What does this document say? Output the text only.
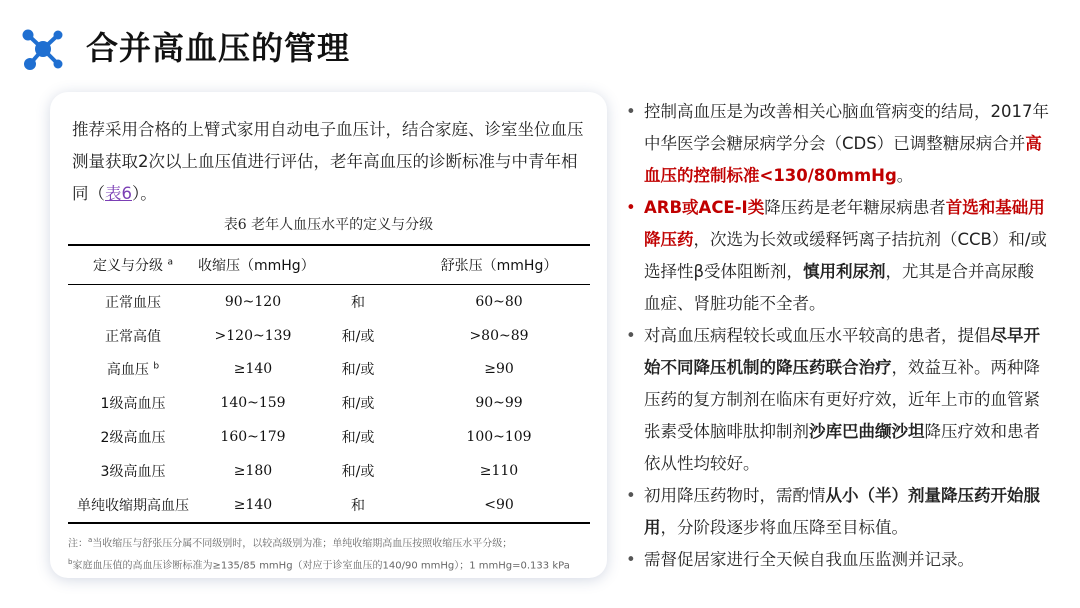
合并高血压的管理
推荐采用合格的上臂式家用自动电子血压计，结合家庭、诊室坐位血压测量获取2次以上血压值进行评估，老年高血压的诊断标准与中青年相同（表6）。
表6 老年人血压水平的定义与分级
定义与分级 $^a$	收缩压（mmHg）		舒张压（mmHg）
正常血压	90~120	和	60~80
正常高值	>120~139	和/或	>80~89
高血压 $^b$	≥140	和/或	≥90
1级高血压	140~159	和/或	90~99
2级高血压	160~179	和/或	100~109
3级高血压	≥180	和/或	≥110
单纯收缩期高血压	≥140	和	<90
注：$^a$当收缩压与舒张压分属不同级别时，以较高级别为准；单纯收缩期高血压按照收缩压水平分级；
$^b$家庭血压值的高血压诊断标准为≥135/85 mmHg（对应于诊室血压的140/90 mmHg）；1 mmHg=0.133 kPa
• 控制高血压是为改善相关心脑血管病变的结局，2017年中华医学会糖尿病学分会（CDS）已调整糖尿病合并高血压的控制标准<130/80mmHg。
• ARB或ACE-I类降压药是老年糖尿病患者首选和基础用降压药，次选为长效或缓释钙离子拮抗剂（CCB）和/或选择性β受体阻断剂，慎用利尿剂，尤其是合并高尿酸血症、肾脏功能不全者。
• 对高血压病程较长或血压水平较高的患者，提倡尽早开始不同降压机制的降压药联合治疗，效益互补。两种降压药的复方制剂在临床有更好疗效，近年上市的血管紧张素受体脑啡肽抑制剂沙库巴曲缬沙坦降压疗效和患者依从性均较好。
• 初用降压药物时，需酌情从小（半）剂量降压药开始服用，分阶段逐步将血压降至目标值。
• 需督促居家进行全天候自我血压监测并记录。
